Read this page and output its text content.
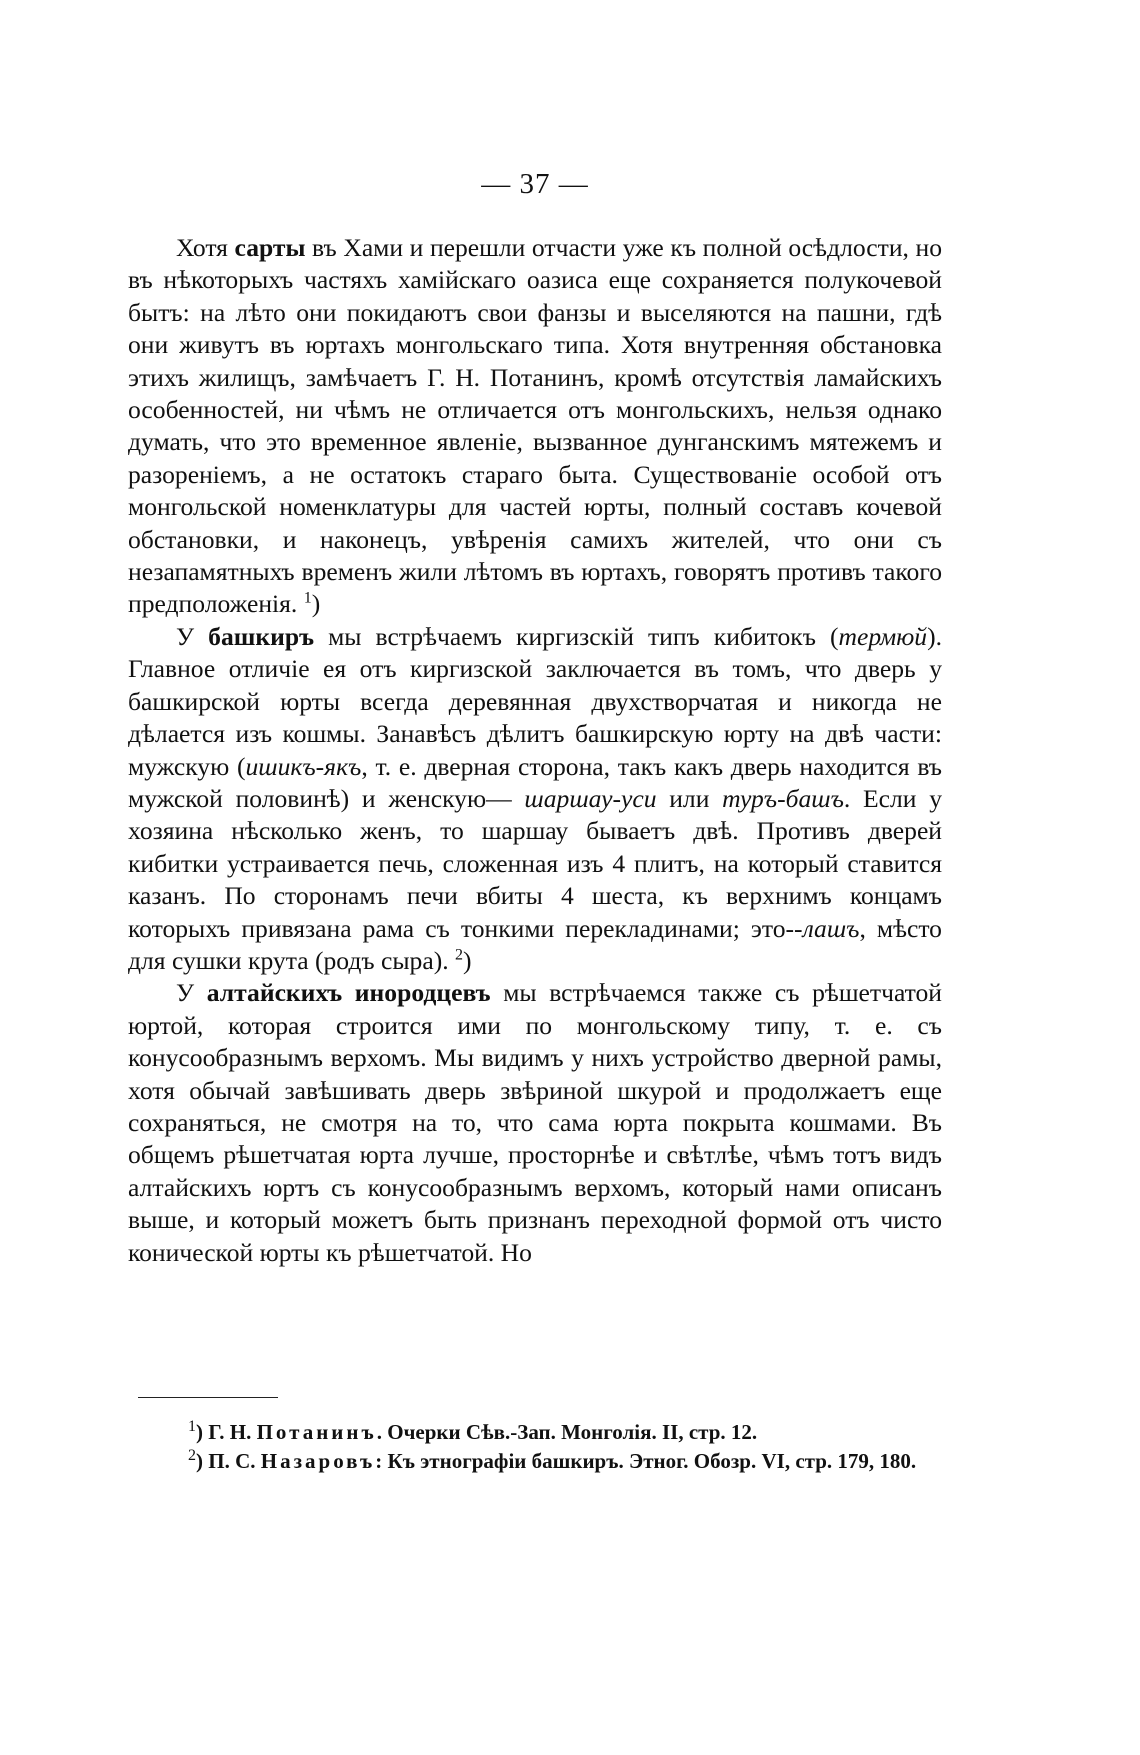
— 37 —

Хотя сарты въ Хами и перешли отчасти уже къ полной осѣдлости, но въ нѣкоторыхъ частяхъ хамійскаго оазиса еще сохраняется полукочевой бытъ: на лѣто они покидаютъ свои фанзы и выселяются на пашни, гдѣ они живутъ въ юртахъ монгольскаго типа. Хотя внутренняя обстановка этихъ жилищъ, замѣчаетъ Г. Н. Потанинъ, кромѣ отсутствія ламайскихъ особенностей, ни чѣмъ не отличается отъ монгольскихъ, нельзя однако думать, что это временное явленіе, вызванное дунганскимъ мятежемъ и разореніемъ, а не остатокъ стараго быта. Существованіе особой отъ монгольской номенклатуры для частей юрты, полный составъ кочевой обстановки, и наконецъ, увѣренія самихъ жителей, что они съ незапамятныхъ временъ жили лѣтомъ въ юртахъ, говорятъ противъ такого предположенія. $^1$)

У башкиръ мы встрѣчаемъ киргизскій типъ кибитокъ (термюй). Главное отличіе ея отъ киргизской заключается въ томъ, что дверь у башкирской юрты всегда деревянная двухстворчатая и никогда не дѣлается изъ кошмы. Занавѣсъ дѣлитъ башкирскую юрту на двѣ части: мужскую (ишикъ-якъ, т. е. дверная сторона, такъ какъ дверь находится въ мужской половинѣ) и женскую— шаршау-уси или туръ-башъ. Если у хозяина нѣсколько женъ, то шаршау бываетъ двѣ. Противъ дверей кибитки устраивается печь, сложенная изъ 4 плитъ, на который ставится казанъ. По сторонамъ печи вбиты 4 шеста, къ верхнимъ концамъ которыхъ привязана рама съ тонкими перекладинами; это--лашъ, мѣсто для сушки крута (родъ сыра). $^2$)

У алтайскихъ инородцевъ мы встрѣчаемся также съ рѣшетчатой юртой, которая строится ими по монгольскому типу, т. е. съ конусообразнымъ верхомъ. Мы видимъ у нихъ устройство дверной рамы, хотя обычай завѣшивать дверь звѣриной шкурой и продолжаетъ еще сохраняться, не смотря на то, что сама юрта покрыта кошмами. Въ общемъ рѣшетчатая юрта лучше, просторнѣе и свѣтлѣе, чѣмъ тотъ видъ алтайскихъ юртъ съ конусообразнымъ верхомъ, который нами описанъ выше, и который можетъ быть признанъ переходной формой отъ чисто конической юрты къ рѣшетчатой. Но

$^1$) Г. Н. Потанинъ. Очерки Сѣв.-Зап. Монголія. II, стр. 12.

$^2$) П. С. Назаровъ: Къ этнографіи башкиръ. Этног. Обозр. VI, стр. 179, 180.
